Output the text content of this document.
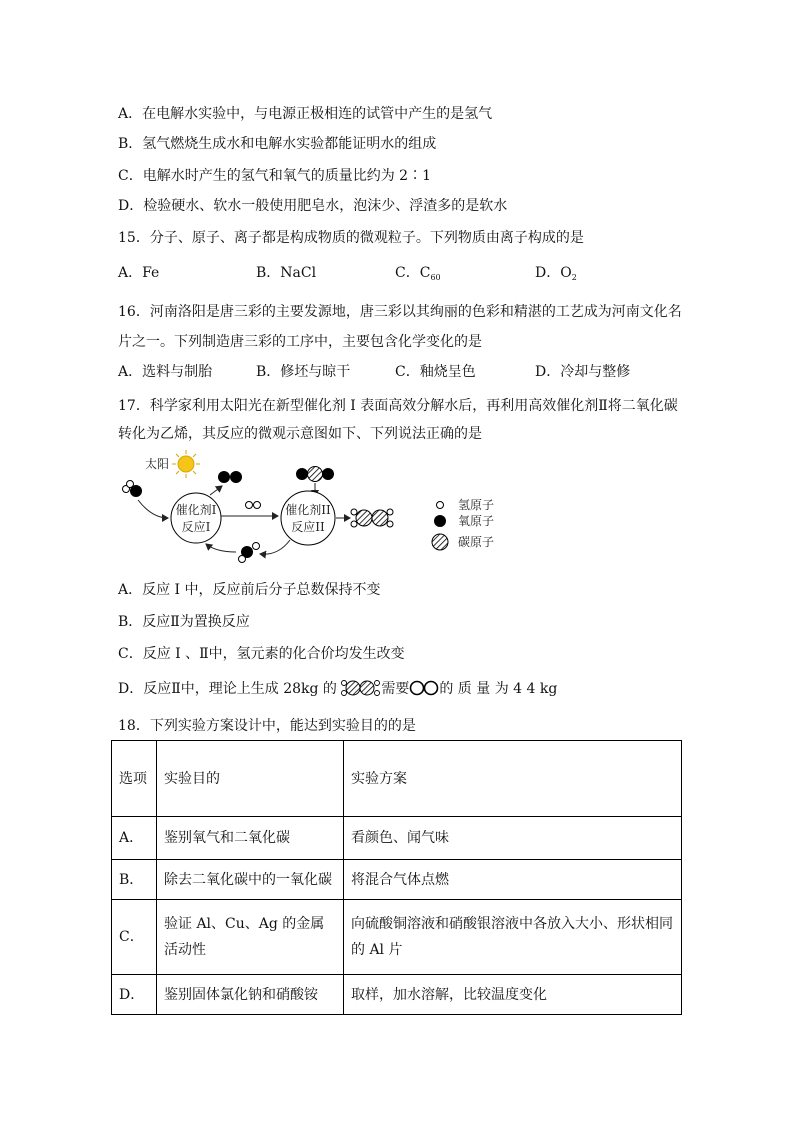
A．在电解水实验中，与电源正极相连的试管中产生的是氢气
B．氢气燃烧生成水和电解水实验都能证明水的组成
C．电解水时产生的氢气和氧气的质量比约为 2∶1
D．检验硬水、软水一般使用肥皂水，泡沫少、浮渣多的是软水
15．分子、原子、离子都是构成物质的微观粒子。下列物质由离子构成的是
A．Fe	B．NaCl	C．$C_{60}$	D．$O_2$
16．河南洛阳是唐三彩的主要发源地，唐三彩以其绚丽的色彩和精湛的工艺成为河南文化名
片之一。下列制造唐三彩的工序中，主要包含化学变化的是
A．选料与制胎	B．修坯与晾干	C．釉烧呈色	D．冷却与整修
17．科学家利用太阳光在新型催化剂 I 表面高效分解水后，再利用高效催化剂Ⅱ将二氧化碳
转化为乙烯，其反应的微观示意图如下、下列说法正确的是
太阳
催化剂I
反应I
催化剂II
反应II
氢原子
氧原子
碳原子
A．反应 I 中，反应前后分子总数保持不变
B．反应Ⅱ为置换反应
C．反应 I 、Ⅱ中，氢元素的化合价均发生改变
D．反应Ⅱ中，理论上生成 28kg 的	需要 的 质 量 为 4 4 kg
18．下列实验方案设计中，能达到实验目的的是
选项	实验目的	实验方案
A．	鉴别氧气和二氧化碳	看颜色、闻气味
B．	除去二氧化碳中的一氧化碳	将混合气体点燃
C．	验证 Al、Cu、Ag 的金属活动性	向硫酸铜溶液和硝酸银溶液中各放入大小、形状相同的 Al 片
D．	鉴别固体氯化钠和硝酸铵	取样，加水溶解，比较温度变化
